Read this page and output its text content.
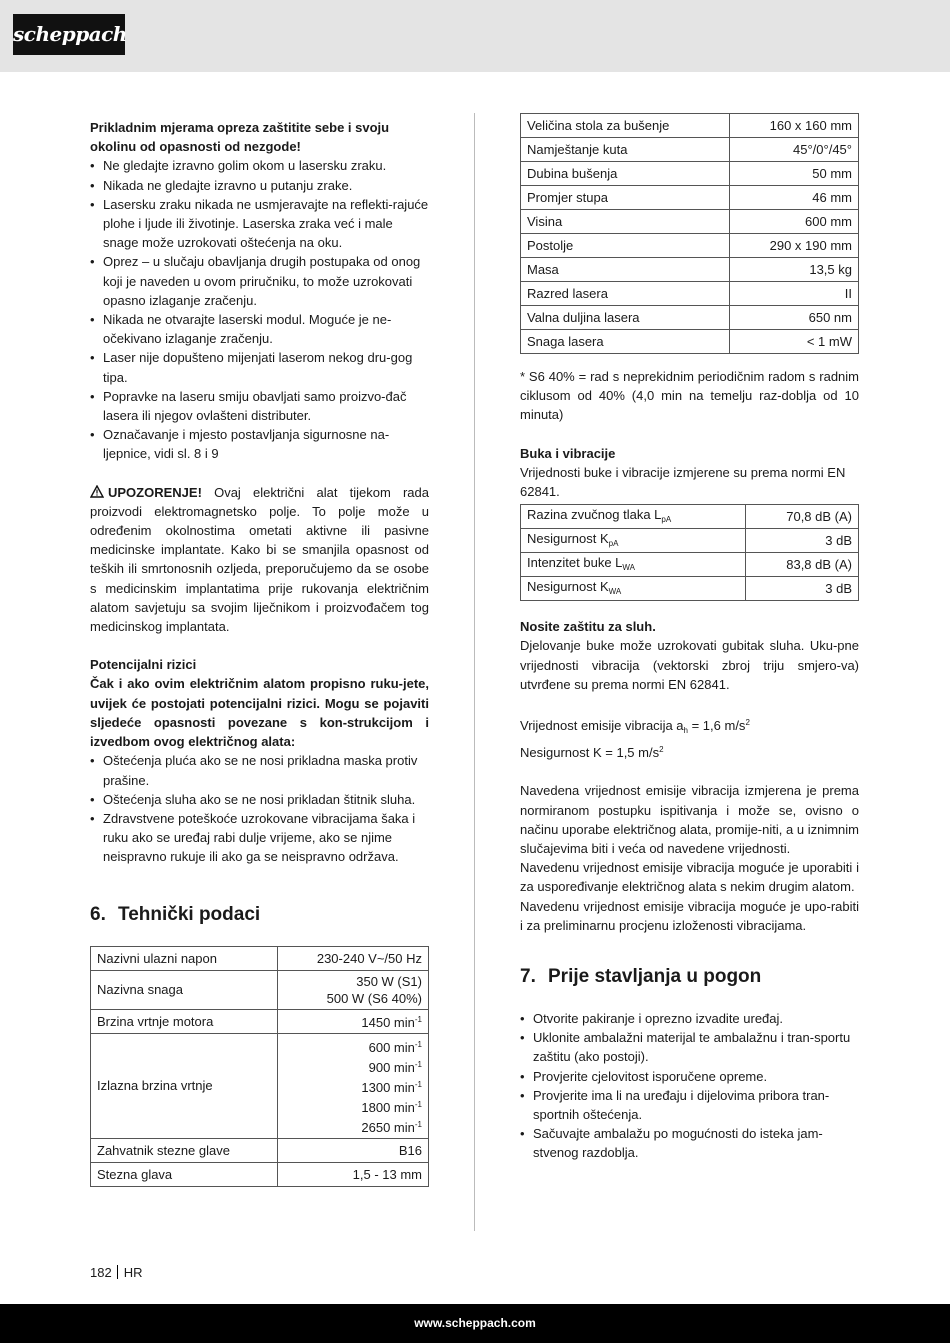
scheppach

Prikladnim mjerama opreza zaštitite sebe i svoju okolinu od opasnosti od nezgode!

• Ne gledajte izravno golim okom u lasersku zraku.
• Nikada ne gledajte izravno u putanju zrake.
• Lasersku zraku nikada ne usmjeravajte na reflekti-rajuće plohe i ljude ili životinje. Laserska zraka već i male snage može uzrokovati oštećenja na oku.
• Oprez – u slučaju obavljanja drugih postupaka od onog koji je naveden u ovom priručniku, to može uzrokovati opasno izlaganje zračenju.
• Nikada ne otvarajte laserski modul. Moguće je ne-očekivano izlaganje zračenju.
• Laser nije dopušteno mijenjati laserom nekog dru-gog tipa.
• Popravke na laseru smiju obavljati samo proizvo-đač lasera ili njegov ovlašteni distributer.
• Označavanje i mjesto postavljanja sigurnosne na-ljepnice, vidi sl. 8 i 9

UPOZORENJE! Ovaj električni alat tijekom rada proizvodi elektromagnetsko polje. To polje može u određenim okolnostima ometati aktivne ili pasivne medicinske implantate. Kako bi se smanjila opasnost od teških ili smrtonosnih ozljeda, preporučujemo da se osobe s medicinskim implantatima prije rukovanja električnim alatom savjetuju sa svojim liječnikom i proizvođačem tog medicinskog implantata.

Potencijalni rizici

Čak i ako ovim električnim alatom propisno ruku-jete, uvijek će postojati potencijalni rizici. Mogu se pojaviti sljedeće opasnosti povezane s kon-strukcijom i izvedbom ovog električnog alata:

• Oštećenja pluća ako se ne nosi prikladna maska protiv prašine.
• Oštećenja sluha ako se ne nosi prikladan štitnik sluha.
• Zdravstvene poteškoće uzrokovane vibracijama šaka i ruku ako se uređaj rabi dulje vrijeme, ako se njime neispravno rukuje ili ako ga se neispravno održava.
6. Tehnički podaci
Nazivni ulazni napon	230-240 V~/50 Hz
Nazivna snaga	350 W (S1)
500 W (S6 40%)

Brzina vrtnje motora	1450 $\min^{-1}$
Izlazna brzina vrtnje	600 $\min^{-1}$
900 $\min^{-1}$
1300 $\min^{-1}$
1800 $\min^{-1}$
2650 $\min^{-1}$

Zahvatnik stezne glave	B16
Stezna glava	1,5 - 13 mm
Veličina stola za bušenje	160 x 160 mm
Namještanje kuta	45°/0°/45°
Dubina bušenja	50 mm
Promjer stupa	46 mm
Visina	600 mm
Postolje	290 x 190 mm
Masa	13,5 kg
Razred lasera	II
Valna duljina lasera	650 nm
Snaga lasera	< 1 mW

* S6 40% = rad s neprekidnim periodičnim radom s radnim ciklusom od 40% (4,0 min na temelju raz-doblja od 10 minuta)

Buka i vibracije

Vrijednosti buke i vibracije izmjerene su prema normi EN 62841.

Razina zvučnog tlaka $L_{pA}$	70,8 dB (A)
Nesigurnost $K_{pA}$	3 dB
Intenzitet buke $L_{WA}$	83,8 dB (A)
Nesigurnost $K_{WA}$	3 dB

Nosite zaštitu za sluh.

Djelovanje buke može uzrokovati gubitak sluha. Uku-pne vrijednosti vibracija (vektorski zbroj triju smjero-va) utvrđene su prema normi EN 62841.

Vrijednost emisije vibracija $a_h = 1,6$ $m/s^2$

Nesigurnost K = 1,5 $m/s^2$

Navedena vrijednost emisije vibracija izmjerena je prema normiranom postupku ispitivanja i može se, ovisno o načinu uporabe električnog alata, promije-niti, a u iznimnim slučajevima biti i veća od navedene vrijednosti.

Navedenu vrijednost emisije vibracija moguće je uporabiti i za uspoređivanje električnog alata s nekim drugim alatom.

Navedenu vrijednost emisije vibracija moguće je upo-rabiti i za preliminarnu procjenu izloženosti vibracijama.

7. Prije stavljanja u pogon
• Otvorite pakiranje i oprezno izvadite uređaj.
• Uklonite ambalažni materijal te ambalažnu i tran-sportu zaštitu (ako postoji).
• Provjerite cjelovitost isporučene opreme.
• Provjerite ima li na uređaju i dijelovima pribora tran-sportnih oštećenja.
• Sačuvajte ambalažu po mogućnosti do isteka jam-stvenog razdoblja.
182 HR
www.scheppach.com
